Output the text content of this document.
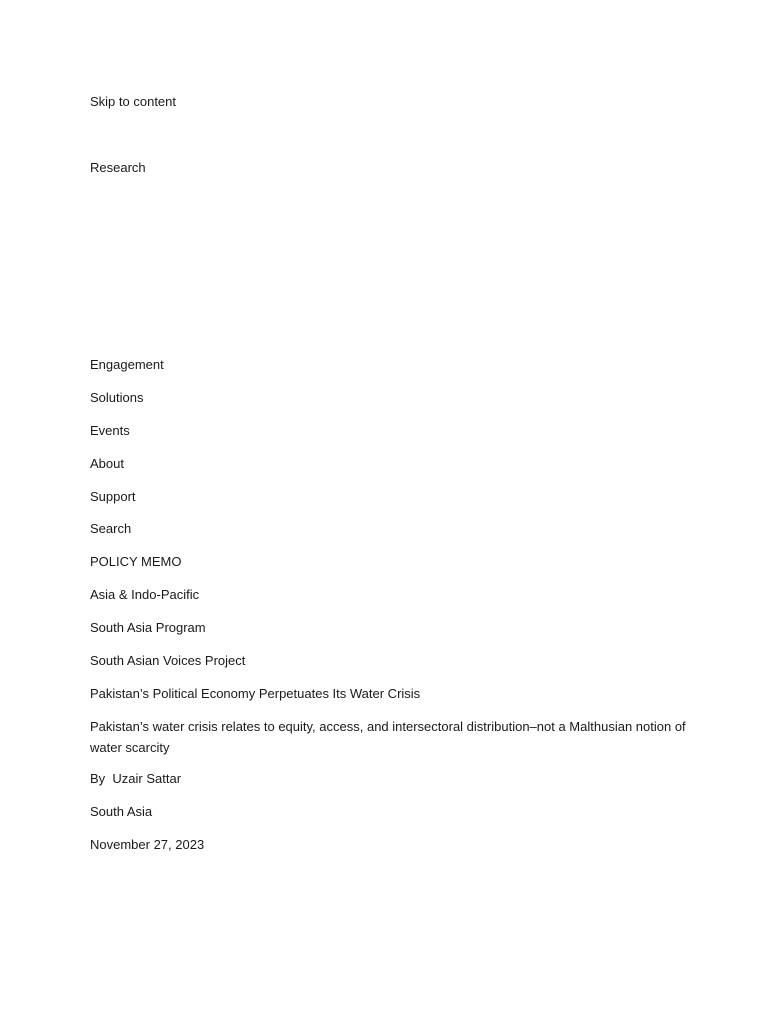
Skip to content
Research
Engagement
Solutions
Events
About
Support
Search
POLICY MEMO
Asia & Indo-Pacific
South Asia Program
South Asian Voices Project
Pakistan’s Political Economy Perpetuates Its Water Crisis
Pakistan’s water crisis relates to equity, access, and intersectoral distribution–not a Malthusian notion of water scarcity
By Uzair Sattar
South Asia
November 27, 2023
